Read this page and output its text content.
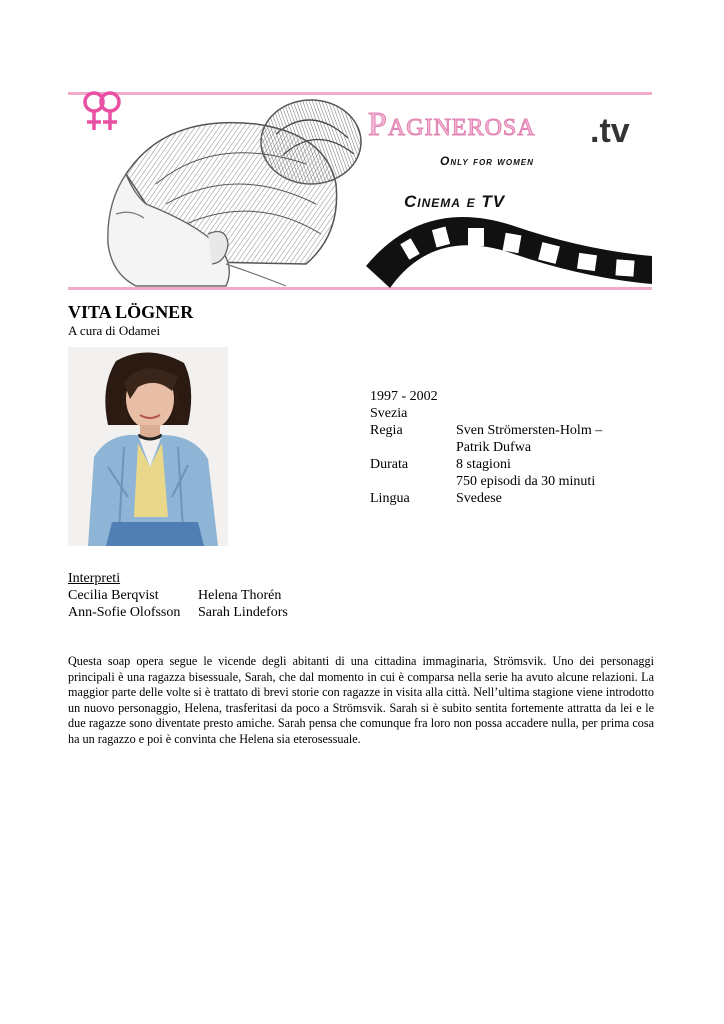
Paginerosa .tv
Only for women
Cinema e TV
VITA LÖGNER
A cura di Odamei
1997 - 2002
Svezia
Regia	Sven Strömersten-Holm –
Patrik Dufwa
Durata	8 stagioni
750 episodi da 30 minuti
Lingua	Svedese
Interpreti
Cecilia Berqvist	Helena Thorén
Ann-Sofie Olofsson	Sarah Lindefors

Questa soap opera segue le vicende degli abitanti di una cittadina immaginaria, Strömsvik. Uno dei personaggi principali è una ragazza bisessuale, Sarah, che dal momento in cui è comparsa nella serie ha avuto alcune relazioni. La maggior parte delle volte si è trattato di brevi storie con ragazze in visita alla città. Nell’ultima stagione viene introdotto un nuovo personaggio, Helena, trasferitasi da poco a Strömsvik. Sarah si è subito sentita fortemente attratta da lei e le due ragazze sono diventate presto amiche. Sarah pensa che comunque fra loro non possa accadere nulla, per prima cosa ha un ragazzo e poi è convinta che Helena sia eterosessuale.
